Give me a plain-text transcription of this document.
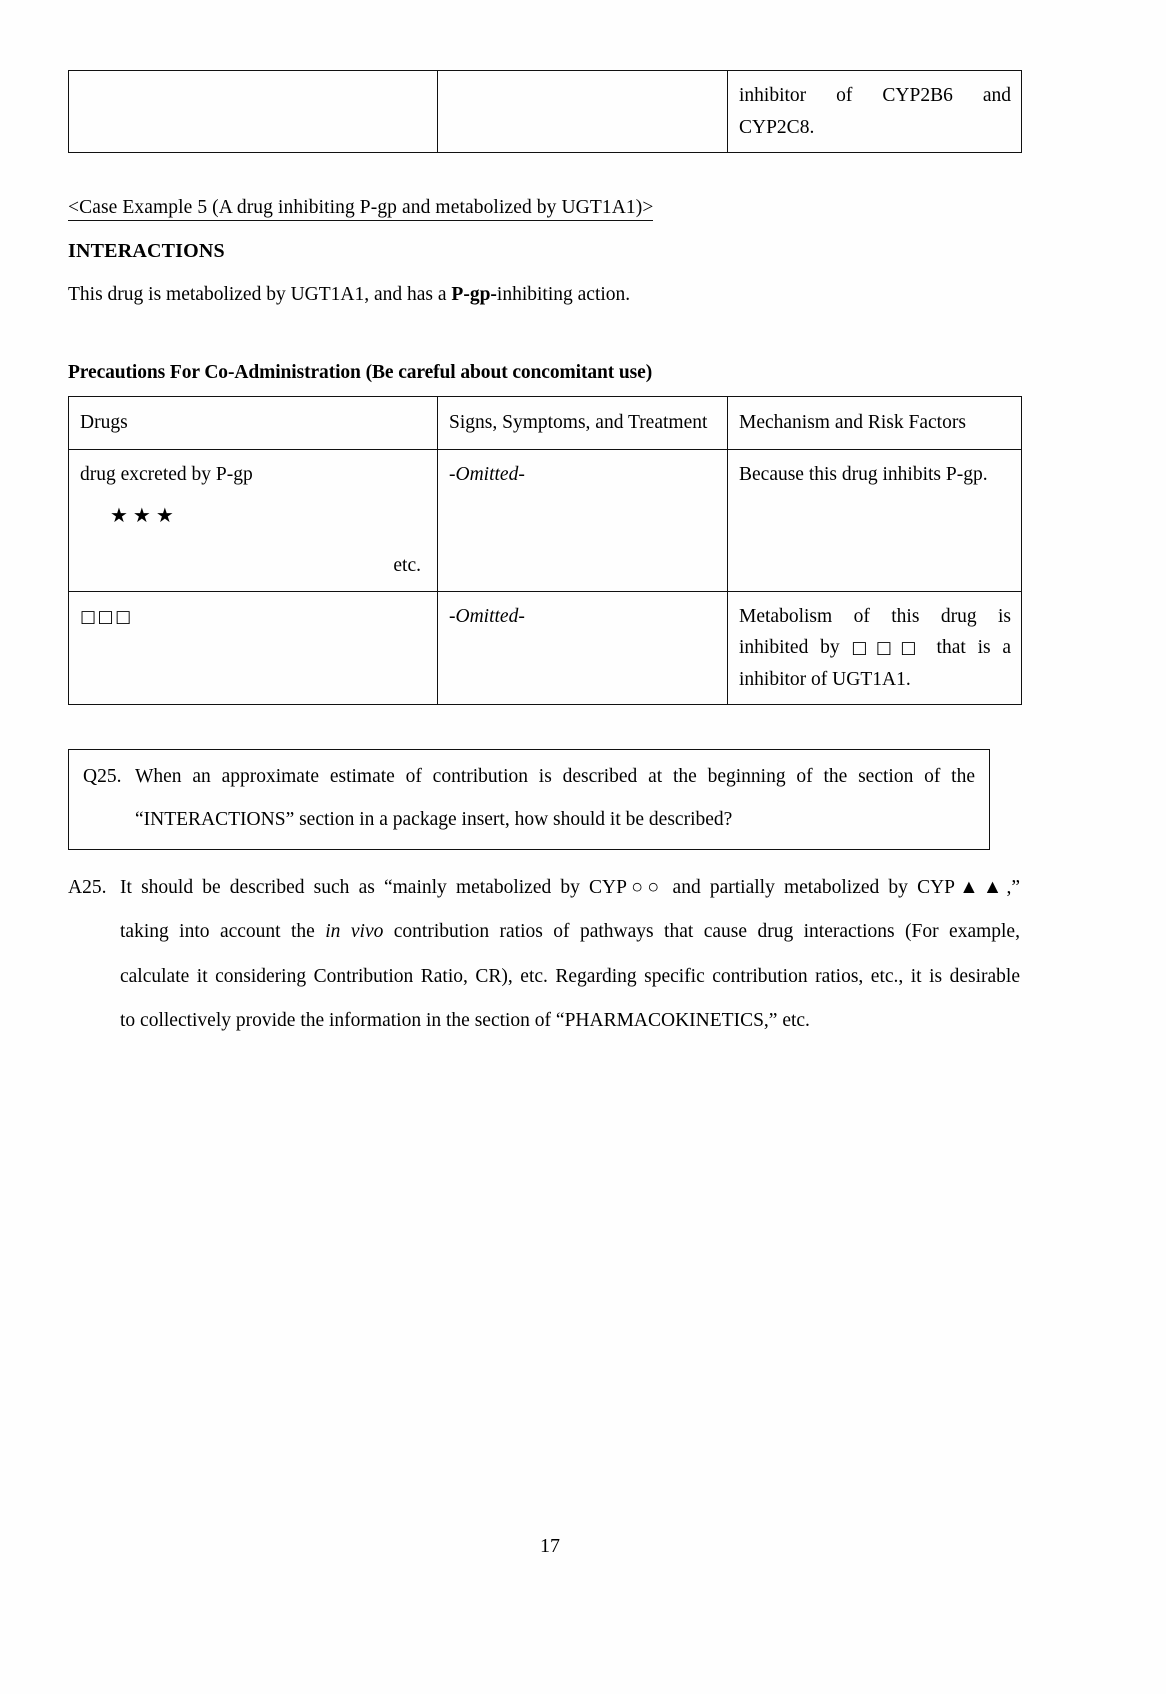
inhibitor of CYP2B6 and
CYP2C8.
<Case Example 5 (A drug inhibiting P-gp and metabolized by UGT1A1)>
INTERACTIONS

This drug is metabolized by UGT1A1, and has a P-gp-inhibiting action.

Precautions For Co-Administration (Be careful about concomitant use)
Drugs	Signs, Symptoms, and Treatment	Mechanism and Risk Factors
drug excreted by P-gp
★★★
etc.	-Omitted-	Because this drug inhibits P-gp.
□□□	-Omitted-	Metabolism of this drug is
inhibited by □□□ that is a
inhibitor of UGT1A1.
Q25. When an approximate estimate of contribution is described at the beginning of the section of the
“INTERACTIONS” section in a package insert, how should it be described?
A25. It should be described such as “mainly metabolized by CYP○○ and partially metabolized by CYP▲▲,”
taking into account the in vivo contribution ratios of pathways that cause drug interactions (For example,
calculate it considering Contribution Ratio, CR), etc. Regarding specific contribution ratios, etc., it is desirable
to collectively provide the information in the section of “PHARMACOKINETICS,” etc.
17
